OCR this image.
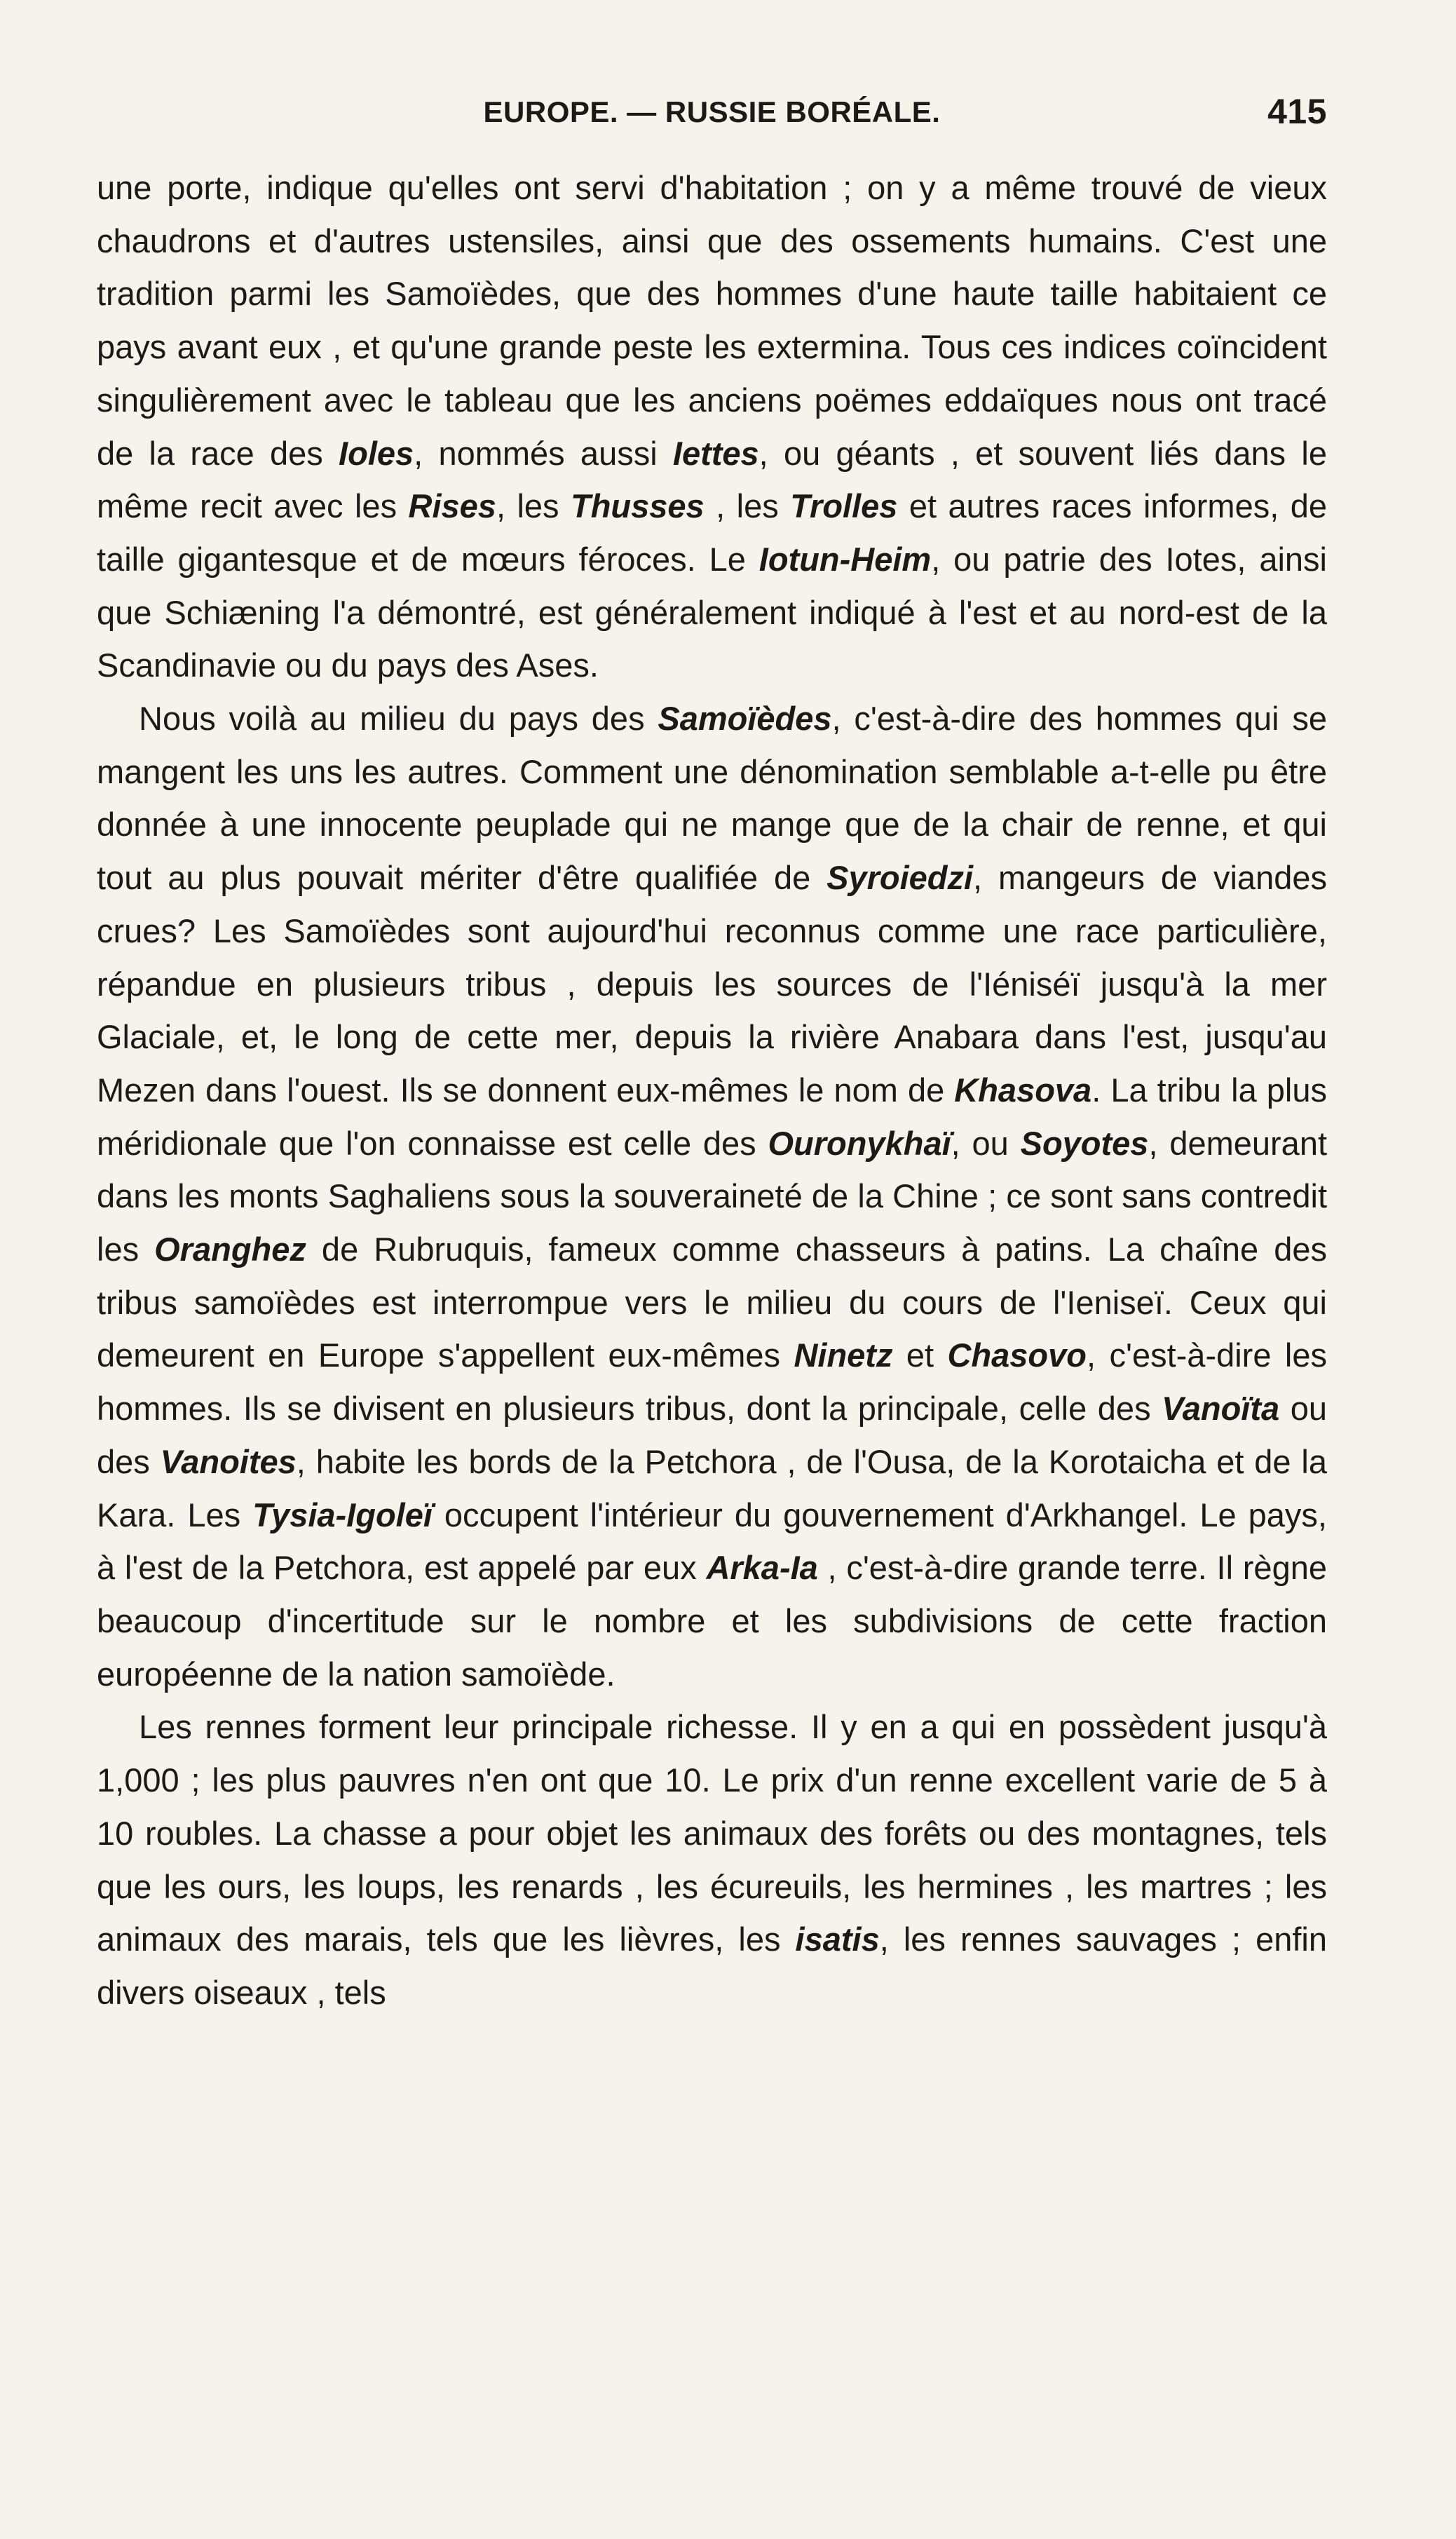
EUROPE. — RUSSIE BORÉALE.	415

une porte, indique qu'elles ont servi d'habitation ; on y a même trouvé de vieux chaudrons et d'autres ustensiles, ainsi que des ossements humains. C'est une tradition parmi les Samoïèdes, que des hommes d'une haute taille habitaient ce pays avant eux , et qu'une grande peste les extermina. Tous ces indices coïncident singulièrement avec le tableau que les anciens poëmes eddaïques nous ont tracé de la race des Ioles, nommés aussi Iettes, ou géants , et souvent liés dans le même recit avec les Rises, les Thusses , les Trolles et autres races informes, de taille gigantesque et de mœurs féroces. Le Iotun-Heim, ou patrie des Iotes, ainsi que Schiæning l'a démontré, est généralement indiqué à l'est et au nord-est de la Scandinavie ou du pays des Ases.

Nous voilà au milieu du pays des Samoïèdes, c'est-à-dire des hommes qui se mangent les uns les autres. Comment une dénomination semblable a-t-elle pu être donnée à une innocente peuplade qui ne mange que de la chair de renne, et qui tout au plus pouvait mériter d'être qualifiée de Syroiedzi, mangeurs de viandes crues? Les Samoïèdes sont aujourd'hui reconnus comme une race particulière, répandue en plusieurs tribus , depuis les sources de l'Iéniséï jusqu'à la mer Glaciale, et, le long de cette mer, depuis la rivière Anabara dans l'est, jusqu'au Mezen dans l'ouest. Ils se donnent eux-mêmes le nom de Khasova. La tribu la plus méridionale que l'on connaisse est celle des Ouronykhaï, ou Soyotes, demeurant dans les monts Saghaliens sous la souveraineté de la Chine ; ce sont sans contredit les Oranghez de Rubruquis, fameux comme chasseurs à patins. La chaîne des tribus samoïèdes est interrompue vers le milieu du cours de l'Ieniseï. Ceux qui demeurent en Europe s'appellent eux-mêmes Ninetz et Chasovo, c'est-à-dire les hommes. Ils se divisent en plusieurs tribus, dont la principale, celle des Vanoïta ou des Vanoites, habite les bords de la Petchora , de l'Ousa, de la Korotaicha et de la Kara. Les Tysia-Igoleï occupent l'intérieur du gouvernement d'Arkhangel. Le pays, à l'est de la Petchora, est appelé par eux Arka-Ia , c'est-à-dire grande terre. Il règne beaucoup d'incertitude sur le nombre et les subdivisions de cette fraction européenne de la nation samoïède.

Les rennes forment leur principale richesse. Il y en a qui en possèdent jusqu'à 1,000 ; les plus pauvres n'en ont que 10. Le prix d'un renne excellent varie de 5 à 10 roubles. La chasse a pour objet les animaux des forêts ou des montagnes, tels que les ours, les loups, les renards , les écureuils, les hermines , les martres ; les animaux des marais, tels que les lièvres, les isatis, les rennes sauvages ; enfin divers oiseaux , tels
